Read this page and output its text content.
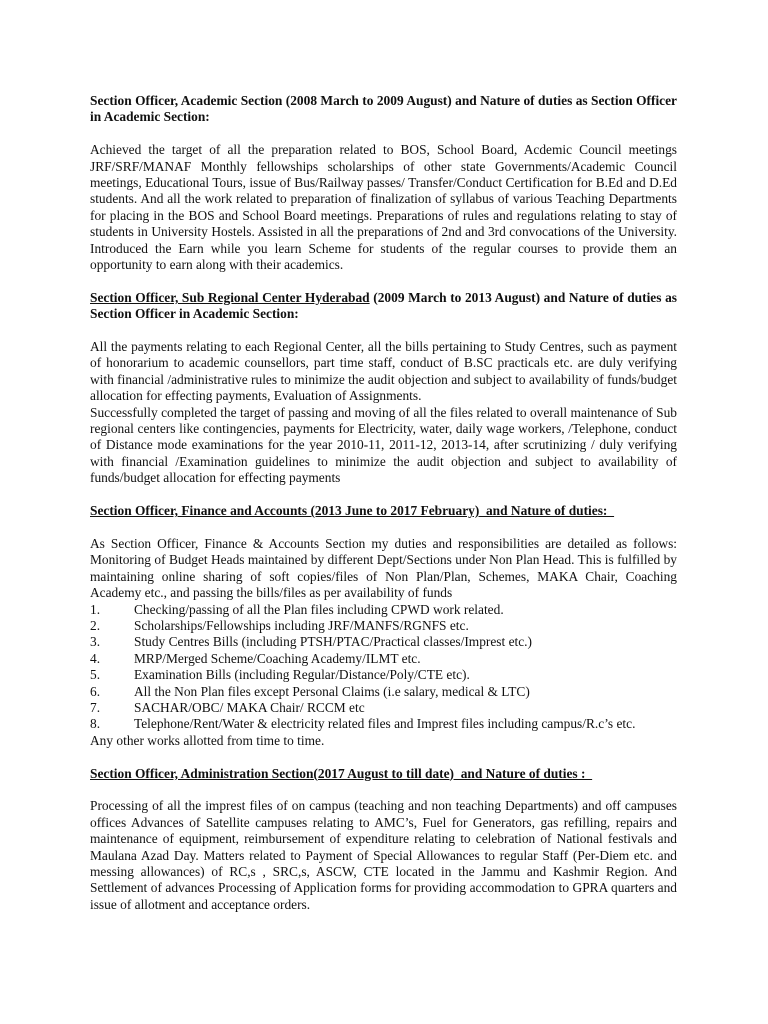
Section Officer, Academic Section (2008 March to 2009 August) and Nature of duties as Section Officer in Academic Section:

Achieved the target of all the preparation related to BOS, School Board, Acdemic Council meetings JRF/SRF/MANAF Monthly fellowships scholarships of other state Governments/Academic Council meetings, Educational Tours, issue of Bus/Railway passes/ Transfer/Conduct Certification for B.Ed and D.Ed students. And all the work related to preparation of finalization of syllabus of various Teaching Departments for placing in the BOS and School Board meetings. Preparations of rules and regulations relating to stay of students in University Hostels. Assisted in all the preparations of 2nd and 3rd convocations of the University. Introduced the Earn while you learn Scheme for students of the regular courses to provide them an opportunity to earn along with their academics.

Section Officer, Sub Regional Center Hyderabad (2009 March to 2013 August) and Nature of duties as Section Officer in Academic Section:

All the payments relating to each Regional Center, all the bills pertaining to Study Centres, such as payment of honorarium to academic counsellors, part time staff, conduct of B.SC practicals etc. are duly verifying with financial /administrative rules to minimize the audit objection and subject to availability of funds/budget allocation for effecting payments, Evaluation of Assignments.

Successfully completed the target of passing and moving of all the files related to overall maintenance of Sub regional centers like contingencies, payments for Electricity, water, daily wage workers, /Telephone, conduct of Distance mode examinations for the year 2010-11, 2011-12, 2013-14, after scrutinizing / duly verifying with financial /Examination guidelines to minimize the audit objection and subject to availability of funds/budget allocation for effecting payments

Section Officer, Finance and Accounts (2013 June to 2017 February)  and Nature of duties:

As Section Officer, Finance & Accounts Section my duties and responsibilities are detailed as follows: Monitoring of Budget Heads maintained by different Dept/Sections under Non Plan Head. This is fulfilled by maintaining online sharing of soft copies/files of Non Plan/Plan, Schemes, MAKA Chair, Coaching Academy etc., and passing the bills/files as per availability of funds

1.	Checking/passing of all the Plan files including CPWD work related.
2.	Scholarships/Fellowships including JRF/MANFS/RGNFS etc.
3.	Study Centres Bills (including PTSH/PTAC/Practical classes/Imprest etc.)
4.	MRP/Merged Scheme/Coaching Academy/ILMT etc.
5.	Examination Bills (including Regular/Distance/Poly/CTE etc).
6.	All the Non Plan files except Personal Claims (i.e salary, medical & LTC)
7.	SACHAR/OBC/ MAKA Chair/ RCCM etc
8.	Telephone/Rent/Water & electricity related files and Imprest files including campus/R.c’s etc.

Any other works allotted from time to time.

Section Officer, Administration Section(2017 August to till date)  and Nature of duties :

Processing of all the imprest files of on campus (teaching and non teaching Departments) and off campuses offices Advances of Satellite campuses relating to AMC’s, Fuel for Generators, gas refilling, repairs and maintenance of equipment, reimbursement of expenditure relating to celebration of National festivals and Maulana Azad Day. Matters related to Payment of Special Allowances to regular Staff (Per-Diem etc. and messing allowances) of RC,s , SRC,s, ASCW, CTE located in the Jammu and Kashmir Region. And Settlement of advances Processing of Application forms for providing accommodation to GPRA quarters and issue of allotment and acceptance orders.
